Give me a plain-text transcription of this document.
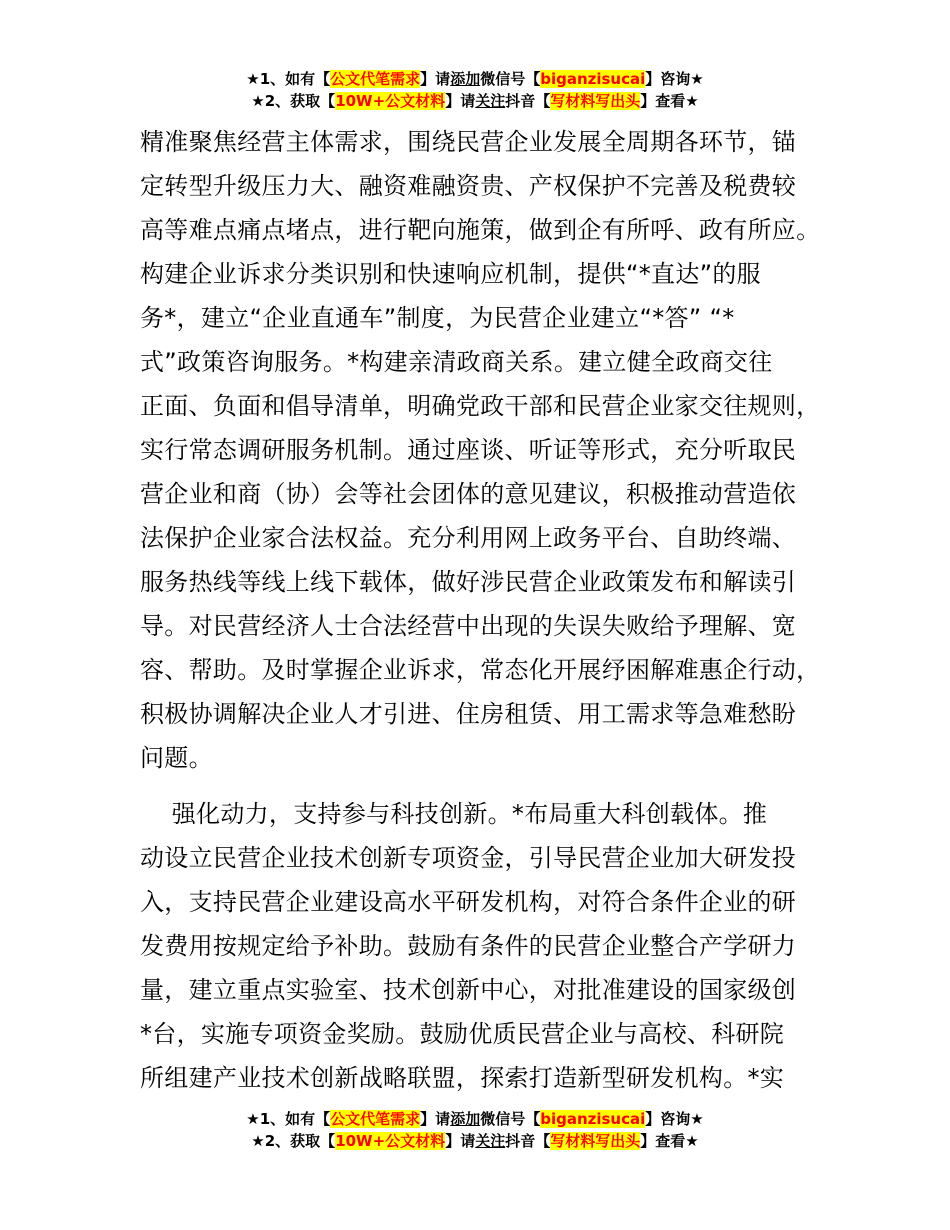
★1、如有【公文代笔需求】请添加微信号【biganzisucai】咨询★
★2、获取【10W+公文材料】请关注抖音【写材料写出头】查看★
精准聚焦经营主体需求，围绕民营企业发展全周期各环节，锚
定转型升级压力大、融资难融资贵、产权保护不完善及税费较
高等难点痛点堵点，进行靶向施策，做到企有所呼、政有所应。
构建企业诉求分类识别和快速响应机制，提供“*直达”的服
务*，建立“企业直通车”制度，为民营企业建立“*答” “*
式”政策咨询服务。*构建亲清政商关系。建立健全政商交往
正面、负面和倡导清单，明确党政干部和民营企业家交往规则，
实行常态调研服务机制。通过座谈、听证等形式，充分听取民
营企业和商（协）会等社会团体的意见建议，积极推动营造依
法保护企业家合法权益。充分利用网上政务平台、自助终端、
服务热线等线上线下载体，做好涉民营企业政策发布和解读引
导。对民营经济人士合法经营中出现的失误失败给予理解、宽
容、帮助。及时掌握企业诉求，常态化开展纾困解难惠企行动，
积极协调解决企业人才引进、住房租赁、用工需求等急难愁盼
问题。
强化动力，支持参与科技创新。*布局重大科创载体。推
动设立民营企业技术创新专项资金，引导民营企业加大研发投
入，支持民营企业建设高水平研发机构，对符合条件企业的研
发费用按规定给予补助。鼓励有条件的民营企业整合产学研力
量，建立重点实验室、技术创新中心，对批准建设的国家级创
*台，实施专项资金奖励。鼓励优质民营企业与高校、科研院
所组建产业技术创新战略联盟，探索打造新型研发机构。*实
★1、如有【公文代笔需求】请添加微信号【biganzisucai】咨询★
★2、获取【10W+公文材料】请关注抖音【写材料写出头】查看★
